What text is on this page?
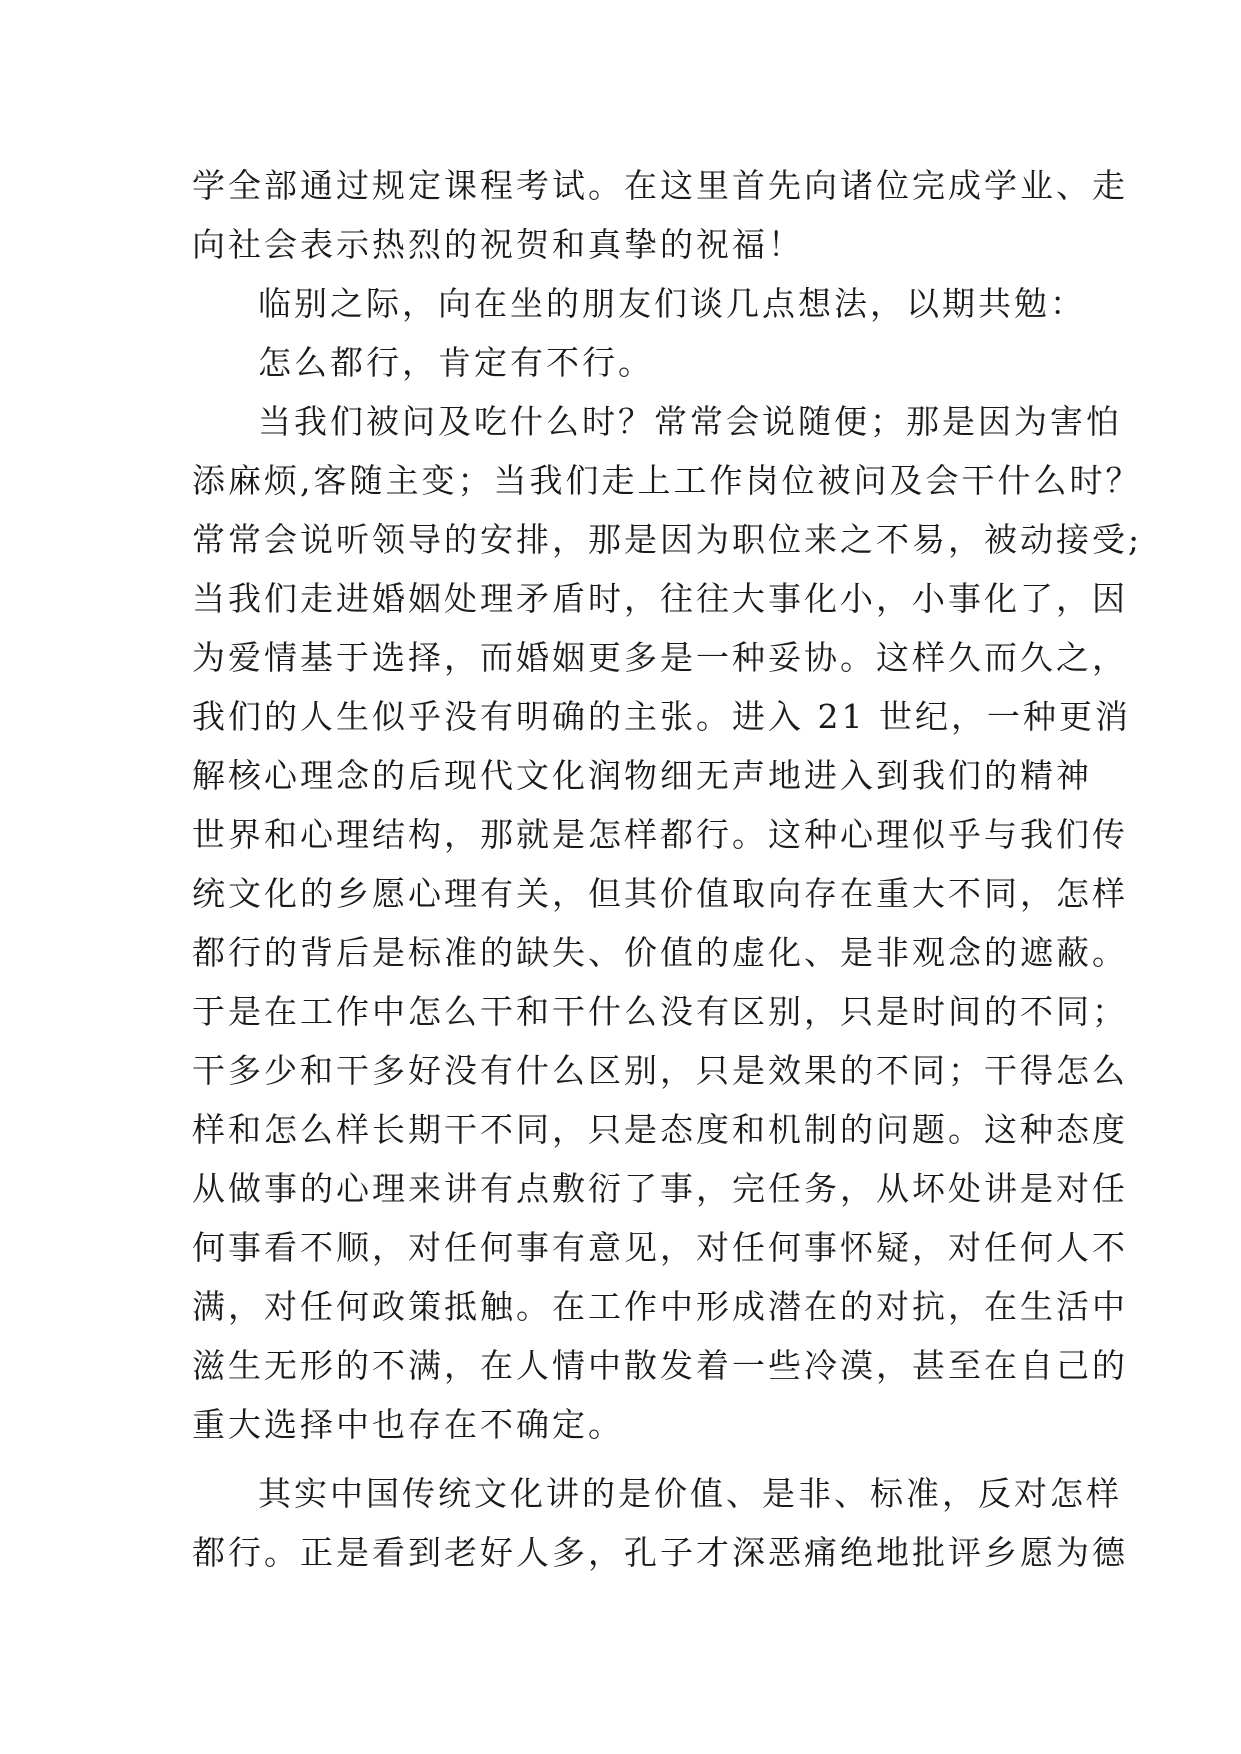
学全部通过规定课程考试。在这里首先向诸位完成学业、走
向社会表示热烈的祝贺和真挚的祝福！
临别之际，向在坐的朋友们谈几点想法，以期共勉：
怎么都行，肯定有不行。
当我们被问及吃什么时？常常会说随便；那是因为害怕
添麻烦,客随主变；当我们走上工作岗位被问及会干什么时？
常常会说听领导的安排，那是因为职位来之不易，被动接受;
当我们走进婚姻处理矛盾时，往往大事化小，小事化了，因
为爱情基于选择，而婚姻更多是一种妥协。这样久而久之，
我们的人生似乎没有明确的主张。进入 21 世纪，一种更消
解核心理念的后现代文化润物细无声地进入到我们的精神
世界和心理结构，那就是怎样都行。这种心理似乎与我们传
统文化的乡愿心理有关，但其价值取向存在重大不同，怎样
都行的背后是标准的缺失、价值的虚化、是非观念的遮蔽。
于是在工作中怎么干和干什么没有区别，只是时间的不同；
干多少和干多好没有什么区别，只是效果的不同；干得怎么
样和怎么样长期干不同，只是态度和机制的问题。这种态度
从做事的心理来讲有点敷衍了事，完任务，从坏处讲是对任
何事看不顺，对任何事有意见，对任何事怀疑，对任何人不
满，对任何政策抵触。在工作中形成潜在的对抗，在生活中
滋生无形的不满，在人情中散发着一些冷漠，甚至在自己的
重大选择中也存在不确定。
其实中国传统文化讲的是价值、是非、标准，反对怎样
都行。正是看到老好人多，孔子才深恶痛绝地批评乡愿为德
